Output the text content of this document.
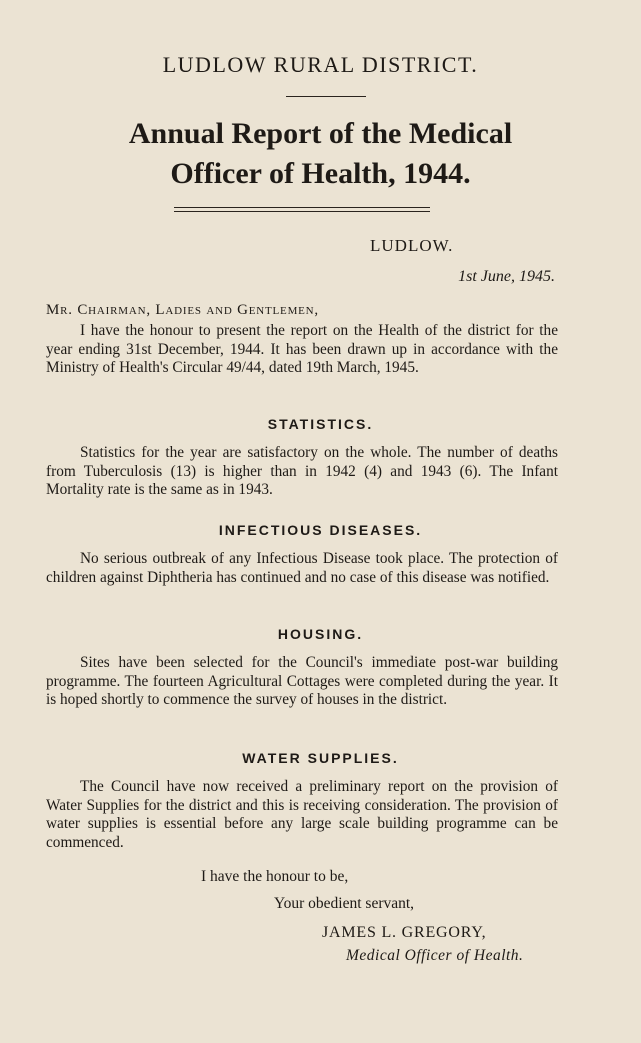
LUDLOW RURAL DISTRICT.
Annual Report of the Medical
Officer of Health, 1944.
LUDLOW.
1st June, 1945.
Mr. Chairman, Ladies and Gentlemen,
I have the honour to present the report on the Health of the district for the year ending 31st December, 1944. It has been drawn up in accordance with the Ministry of Health's Circular 49/44, dated 19th March, 1945.
STATISTICS.
Statistics for the year are satisfactory on the whole. The number of deaths from Tuberculosis (13) is higher than in 1942 (4) and 1943 (6). The Infant Mortality rate is the same as in 1943.
INFECTIOUS DISEASES.
No serious outbreak of any Infectious Disease took place. The protection of children against Diphtheria has continued and no case of this disease was notified.
HOUSING.
Sites have been selected for the Council's immediate post-war building programme. The fourteen Agricultural Cottages were completed during the year. It is hoped shortly to commence the survey of houses in the district.
WATER SUPPLIES.
The Council have now received a preliminary report on the provision of Water Supplies for the district and this is receiving consideration. The provision of water supplies is essential before any large scale building programme can be commenced.
I have the honour to be,
Your obedient servant,
JAMES L. GREGORY,
Medical Officer of Health.
